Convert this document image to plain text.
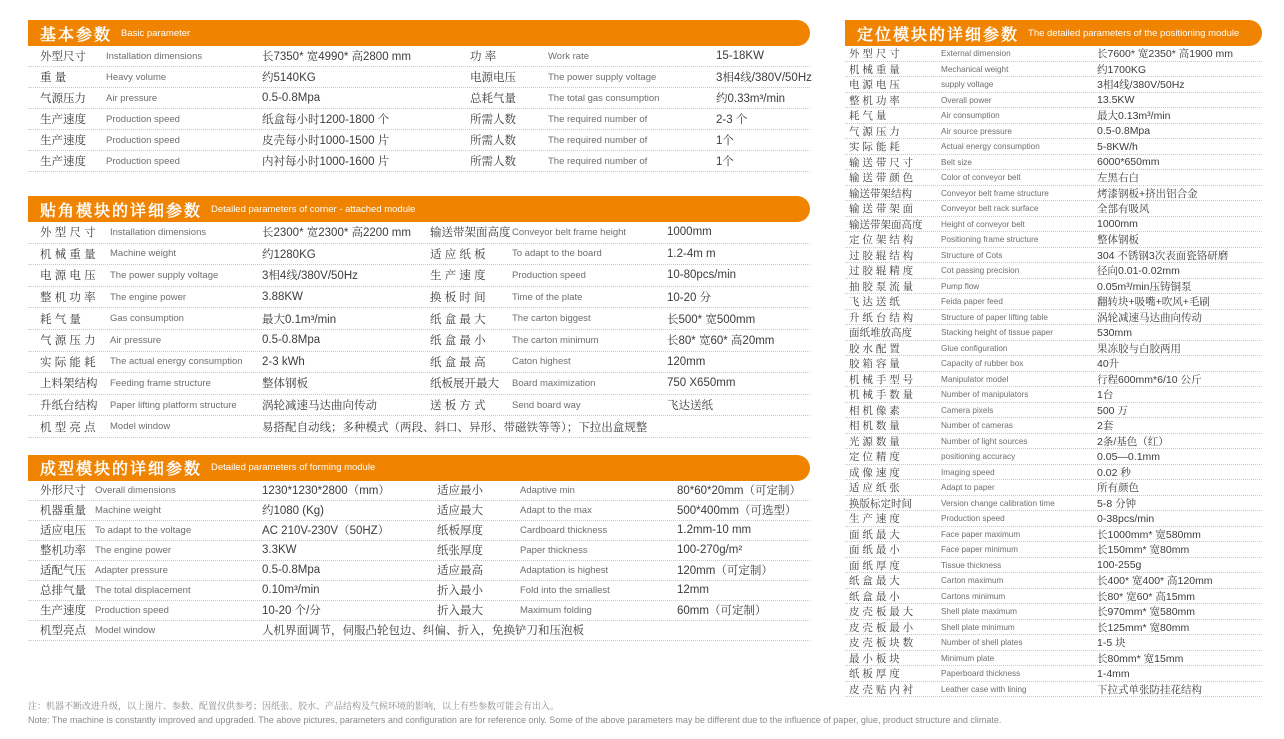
基本参数 Basic parameter
外型尺寸	Installation dimensions	长7350* 宽4990* 高2800 mm	功 率	Work rate	15-18KW
重 量	Heavy volume	约5140KG	电源电压	The power supply voltage	3相4线/380V/50Hz
气源压力	Air pressure	0.5-0.8Mpa	总耗气量	The total gas consumption	约0.33m³/min
生产速度	Production speed	纸盒每小时1200-1800 个	所需人数	The required number of	2-3 个
生产速度	Production speed	皮壳每小时1000-1500 片	所需人数	The required number of	1个
生产速度	Production speed	内衬每小时1000-1600 片	所需人数	The required number of	1个
贴角模块的详细参数 Detailed parameters of corner - attached module
外 型 尺 寸	Installation dimensions	长2300* 宽2300* 高2200 mm	输送带架面高度 Conveyor belt frame height	1000mm
机 械 重 量	Machine weight	约1280KG	适 应 纸 板	To adapt to the board	1.2-4m m
电 源 电 压	The power supply voltage	3相4线/380V/50Hz	生 产 速 度	Production speed	10-80pcs/min
整 机 功 率	The engine power	3.88KW	换 板 时 间	Time of the plate	10-20 分
耗 气 量	Gas consumption	最大0.1m³/min	纸 盒 最 大	The carton biggest	长500* 宽500mm
气 源 压 力	Air pressure	0.5-0.8Mpa	纸 盒 最 小	The carton minimum	长80* 宽60* 高20mm
实 际 能 耗	The actual energy consumption	2-3 kWh	纸 盒 最 高	Caton highest	120mm
上料架结构	Feeding frame structure	整体钢板	纸板展开最大	Board maximization	750 X650mm
升纸台结构	Paper lifting platform structure	涡轮减速马达曲向传动	送 板 方 式	Send board way	飞达送纸
机 型 亮 点	Model window	易搭配自动线；多种模式（两段、斜口、异形、带磁铁等等）；下拉出盒规整
成型模块的详细参数 Detailed parameters of forming module
外形尺寸 Overall dimensions	1230*1230*2800（mm）	适应最小	Adaptive min	80*60*20mm（可定制）
机器重量 Machine weight	约1080 (Kg)	适应最大	Adapt to the max	500*400mm（可选型）
适应电压 To adapt to the voltage	AC 210V-230V（50HZ）	纸板厚度	Cardboard thickness	1.2mm-10 mm
整机功率 The engine power	3.3KW	纸张厚度	Paper thickness	100-270g/m²
适配气压 Adapter pressure	0.5-0.8Mpa	适应最高	Adaptation is highest	120mm（可定制）
总排气量 The total displacement	0.10m³/min	折入最小	Fold into the smallest	12mm
生产速度 Production speed	10-20 个/分	折入最大	Maximum folding	60mm（可定制）
机型亮点 Model window	人机界面调节，伺服凸轮包边、纠偏、折入，免换铲刀和压泡板
定位模块的详细参数 The detailed parameters of the positioning module
外 型 尺 寸	External dimension	长7600* 宽2350* 高1900 mm
机 械 重 量	Mechanical weight	约1700KG
电 源 电 压	supply voltage	3相4线/380V/50Hz
整 机 功 率	Overall power	13.5KW
耗 气 量	Air consumption	最大0.13m³/min
气 源 压 力	Air source pressure	0.5-0.8Mpa
实 际 能 耗	Actual energy consumption	5-8KW/h
输 送 带 尺 寸	Belt size	6000*650mm
输 送 带 颜 色	Color of conveyor belt	左黑右白
输送带架结构	Conveyor belt frame structure	烤漆钢板+挤出铝合金
输 送 带 架 面	Conveyor belt rack surface	全部有吸风
输送带架面高度	Height of conveyor belt	1000mm
定 位 架 结 构	Positioning frame structure	整体钢板
过 胶 辊 结 构	Structure of Cots	304 不锈钢3次表面瓷铬研磨
过 胶 辊 精 度	Cot passing precision	径向0.01-0.02mm
抽 胶 泵 流 量	Pump flow	0.05m³/min压铸铜泵
飞 达 送 纸	Feida paper feed	翻转块+吸嘴+吹风+毛刷
升 纸 台 结 构	Structure of paper lifting table	涡轮减速马达曲向传动
面纸堆放高度	Stacking height of tissue paper	530mm
胶 水 配 置	Glue configuration	果冻胶与白胶两用
胶 箱 容 量	Capacity of rubber box	40升
机 械 手 型 号	Manipulator model	行程600mm*6/10 公斤
机 械 手 数 量	Number of manipulators	1台
相 机 像 素	Camera pixels	500 万
相 机 数 量	Number of cameras	2套
光 源 数 量	Number of light sources	2条/基色（红）
定 位 精 度	positioning accuracy	0.05—0.1mm
成 像 速 度	Imaging speed	0.02 秒
适 应 纸 张	Adapt to paper	所有颜色
换版标定时间	Version change calibration time	5-8 分钟
生 产 速 度	Production speed	0-38pcs/min
面 纸 最 大	Face paper maximum	长1000mm* 宽580mm
面 纸 最 小	Face paper minimum	长150mm* 宽80mm
面 纸 厚 度	Tissue thickness	100-255g
纸 盒 最 大	Carton maximum	长400* 宽400* 高120mm
纸 盒 最 小	Cartons minimum	长80* 宽60* 高15mm
皮 壳 板 最 大	Shell plate maximum	长970mm* 宽580mm
皮 壳 板 最 小	Shell plate minimum	长125mm* 宽80mm
皮 壳 板 块 数	Number of shell plates	1-5 块
最 小 板 块	Minimum plate	长80mm* 宽15mm
纸 板 厚 度	Paperboard thickness	1-4mm
皮 壳 贴 内 衬	Leather case with lining	下拉式单张防挂花结构
注：机器不断改进升级，以上图片、参数、配置仅供参考；因纸张、胶水、产品结构及气候环境的影响，以上有些参数可能会有出入。
Note: The machine is constantly improved and upgraded. The above pictures, parameters and configuration are for reference only. Some of the above parameters may be different due to the influence of paper, glue, product structure and climate.
